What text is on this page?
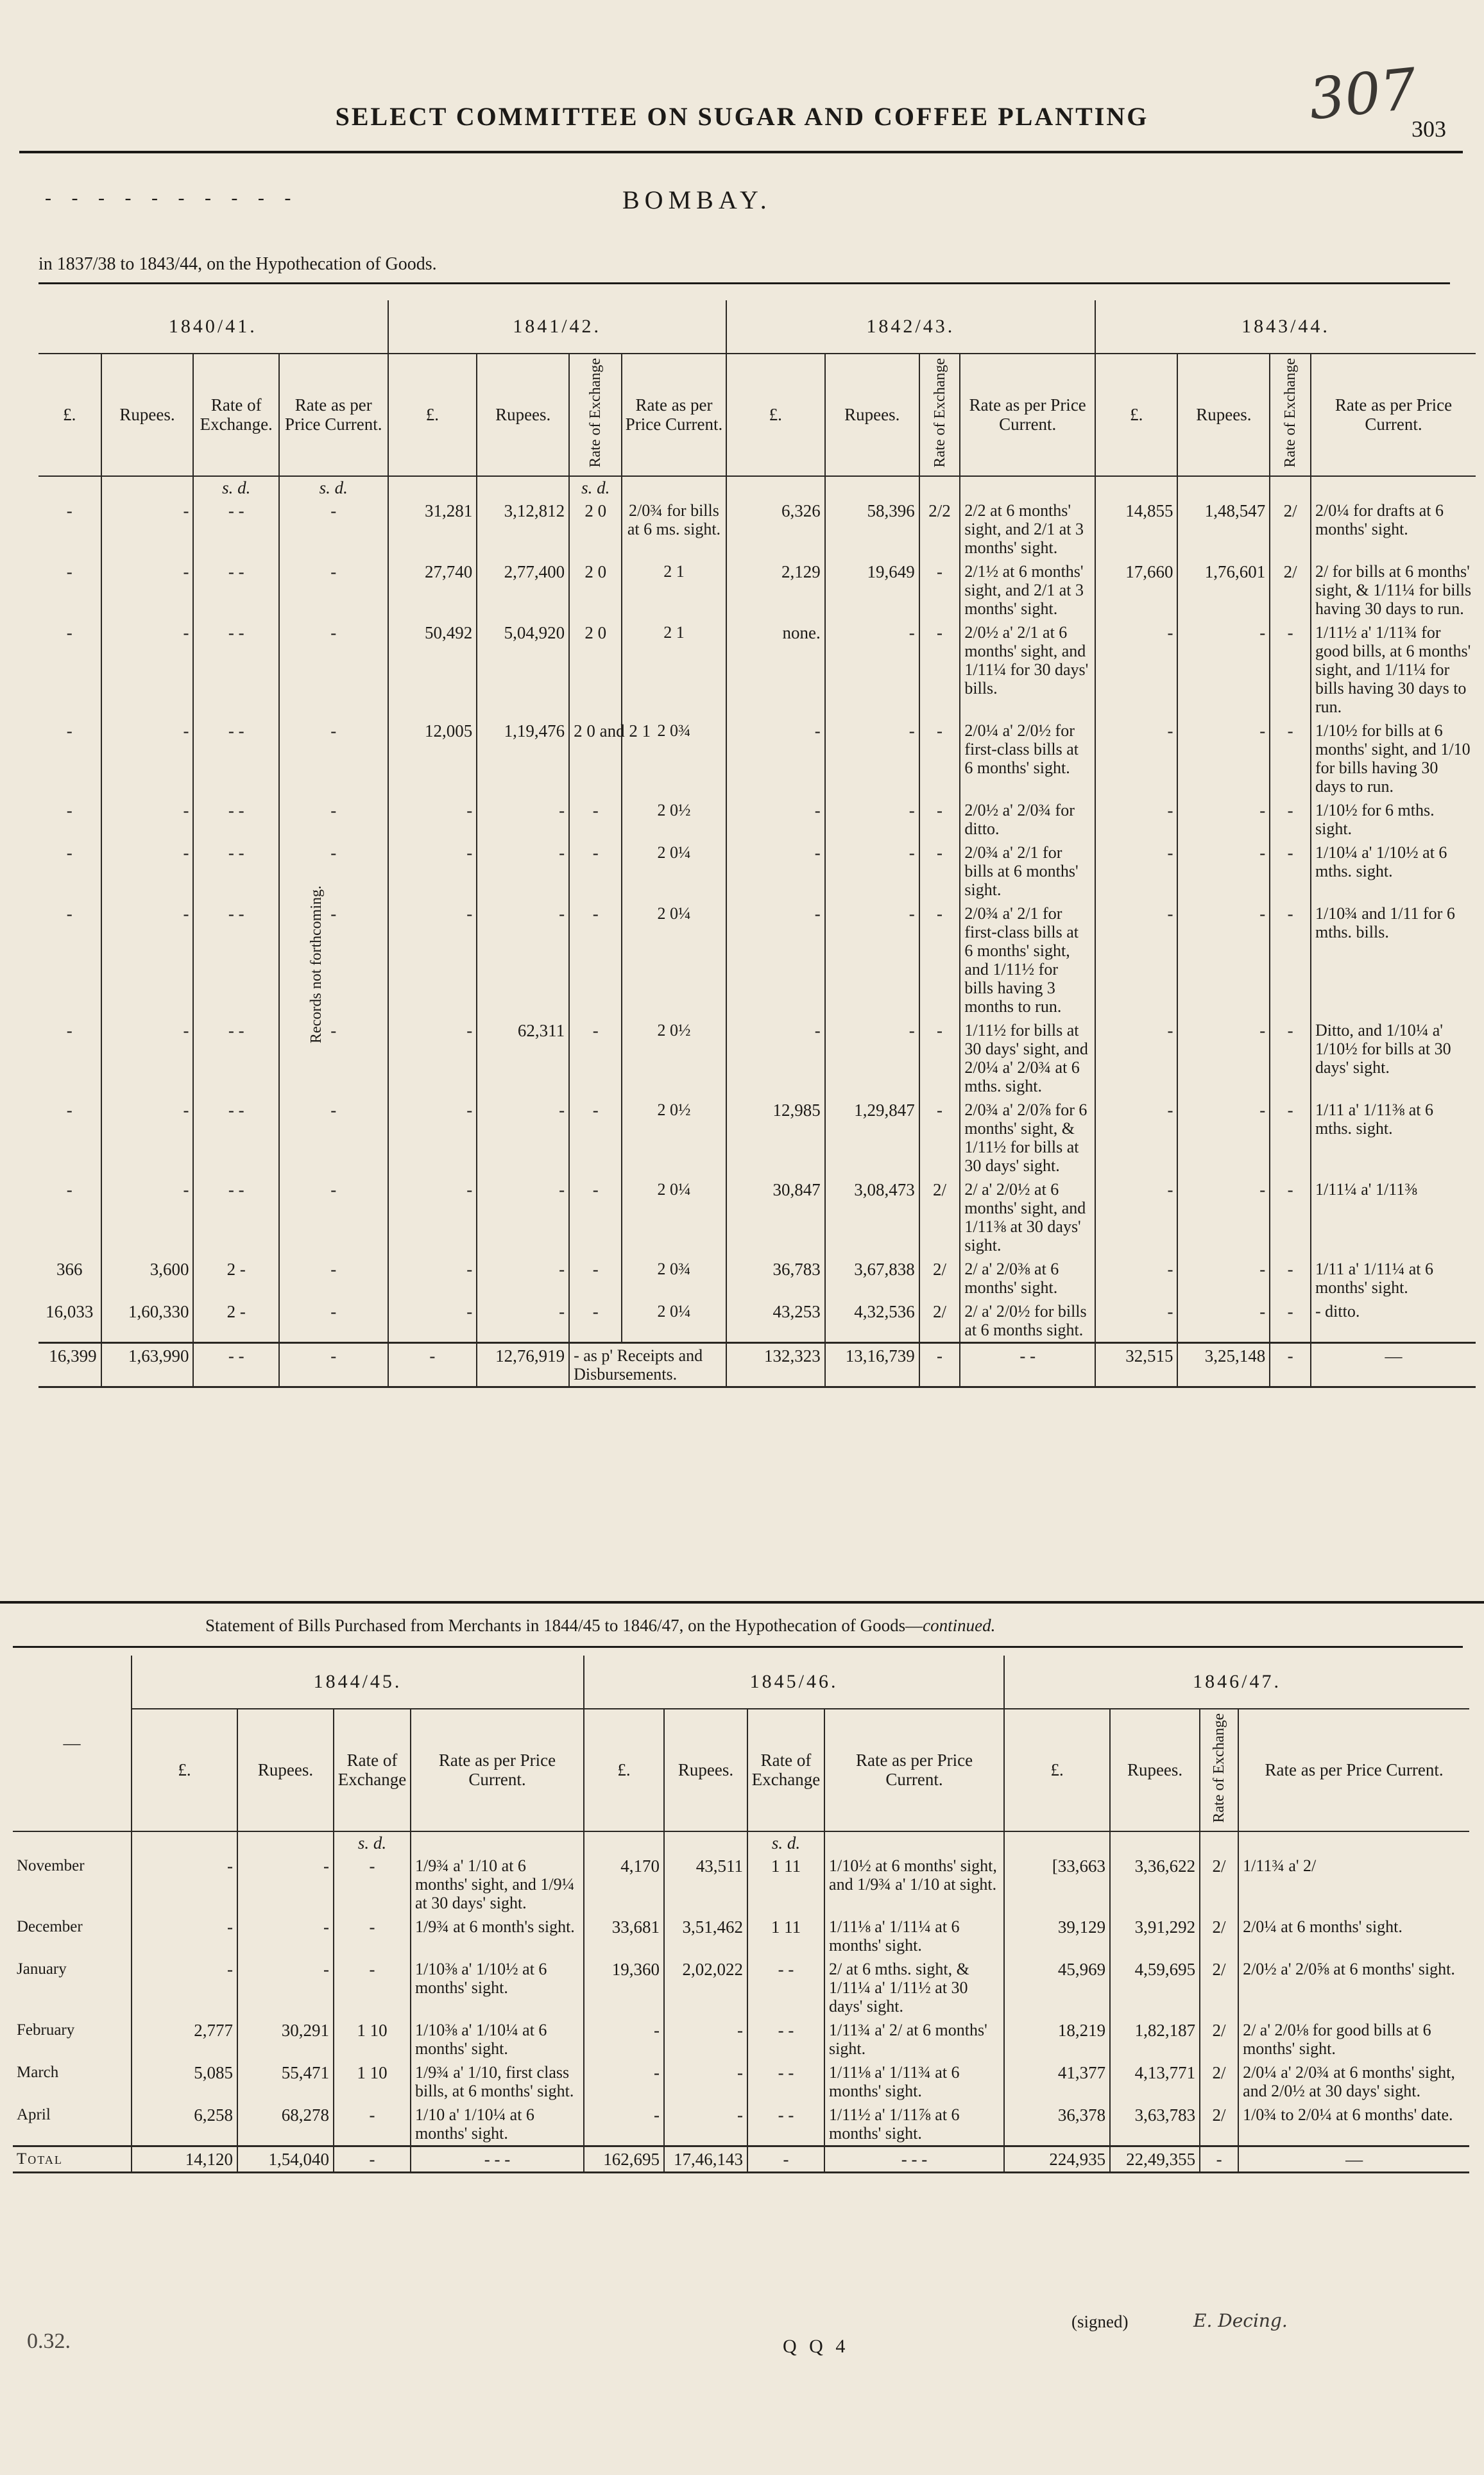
SELECT COMMITTEE ON SUGAR AND COFFEE PLANTING	307
303
- - - - - - - - - -	BOMBAY.
in 1837/38 to 1843/44, on the Hypothecation of Goods.
1840/41.				1841/42.				1842/43.				1843/44.			
£.	Rupees.	Rate of Exchange.	Rate as per Price Current.	£.	Rupees.	Rate of Exchange	Rate as per Price Current.	£.	Rupees.	Rate of Exchange	Rate as per Price Current.	£.	Rupees.	Rate of Exchange	Rate as per Price Current.
		s. d.	s. d.			s. d.									
-	-	- -	-	31,281	3,12,812	2 0	2/0¾ for bills at 6 ms. sight.	6,326	58,396	2/2	2/2 at 6 months' sight, and 2/1 at 3 months' sight.	14,855	1,48,547	2/	2/0¼ for drafts at 6 months' sight.
-	-	- -	-	27,740	2,77,400	2 0	2 1	2,129	19,649	-	2/1½ at 6 months' sight, and 2/1 at 3 months' sight.	17,660	1,76,601	2/	2/ for bills at 6 months' sight, & 1/11¼ for bills having 30 days to run.
-	-	- -	-	50,492	5,04,920	2 0	2 1	none.	-	-	2/0½ a' 2/1 at 6 months' sight, and 1/11¼ for 30 days' bills.	-	-	-	1/11½ a' 1/11¾ for good bills, at 6 months' sight, and 1/11¼ for bills having 30 days to run.
-	-	- -	-	12,005	1,19,476	2 0 and 2 1	2 0¾	-	-	-	2/0¼ a' 2/0½ for first-class bills at 6 months' sight.	-	-	-	1/10½ for bills at 6 months' sight, and 1/10 for bills having 30 days to run.
-	-	- -	-	-	-	-	2 0½	-	-	-	2/0½ a' 2/0¾ for ditto.	-	-	-	1/10½ for 6 mths. sight.
-	-	- -	-	-	-	-	2 0¼	-	-	-	2/0¾ a' 2/1 for bills at 6 months' sight.	-	-	-	1/10¼ a' 1/10½ at 6 mths. sight.
-	-	- -	-	-	-	-	2 0¼	-	-	-	2/0¾ a' 2/1 for first-class bills at 6 months' sight, and 1/11½ for bills having 3 months to run.	-	-	-	1/10¾ and 1/11 for 6 mths. bills.
-	-	- -	-	-	62,311	-	2 0½	-	-	-	1/11½ for bills at 30 days' sight, and 2/0¼ a' 2/0¾ at 6 mths. sight.	-	-	-	Ditto, and 1/10¼ a' 1/10½ for bills at 30 days' sight.
-	-	- -	-	-	-	-	2 0½	12,985	1,29,847	-	2/0¾ a' 2/0⅞ for 6 months' sight, & 1/11½ for bills at 30 days' sight.	-	-	-	1/11 a' 1/11⅜ at 6 mths. sight.
-	-	- -	-	-	-	-	2 0¼	30,847	3,08,473	2/	2/ a' 2/0½ at 6 months' sight, and 1/11⅜ at 30 days' sight.	-	-	-	1/11¼ a' 1/11⅜
366	3,600	2 -	-	-	-	-	2 0¾	36,783	3,67,838	2/	2/ a' 2/0⅜ at 6 months' sight.	-	-	-	1/11 a' 1/11¼ at 6 months' sight.
16,033	1,60,330	2 -	-	-	-	-	2 0¼	43,253	4,32,536	2/	2/ a' 2/0½ for bills at 6 months sight.	-	-	-	- ditto.
16,399	1,63,990	- -	-	-	12,76,919	- as p' Receipts and Disbursements.		132,323	13,16,739	-	- -	32,515	3,25,148	-	—
Records not forthcoming.
Statement of Bills Purchased from Merchants in 1844/45 to 1846/47, on the Hypothecation of Goods—continued.
—	1844/45.				1845/46.				1846/47.			
	£.	Rupees.	Rate of Exchange	Rate as per Price Current.	£.	Rupees.	Rate of Exchange	Rate as per Price Current.	£.	Rupees.	Rate of Exchange	Rate as per Price Current.
			s. d.				s. d.					
November	-	-	-	1/9¾ a' 1/10 at 6 months' sight, and 1/9¼ at 30 days' sight.	4,170	43,511	1 11	1/10½ at 6 months' sight, and 1/9¾ a' 1/10 at sight.	[33,663	3,36,622	2/	1/11¾ a' 2/
December	-	-	-	1/9¾ at 6 month's sight.	33,681	3,51,462	1 11	1/11⅛ a' 1/11¼ at 6 months' sight.	39,129	3,91,292	2/	2/0¼ at 6 months' sight.
January	-	-	-	1/10⅜ a' 1/10½ at 6 months' sight.	19,360	2,02,022	- -	2/ at 6 mths. sight, & 1/11¼ a' 1/11½ at 30 days' sight.	45,969	4,59,695	2/	2/0½ a' 2/0⅝ at 6 months' sight.
February	2,777	30,291	1 10	1/10⅜ a' 1/10¼ at 6 months' sight.	-	-	- -	1/11¾ a' 2/ at 6 months' sight.	18,219	1,82,187	2/	2/ a' 2/0⅛ for good bills at 6 months' sight.
March	5,085	55,471	1 10	1/9¾ a' 1/10, first class bills, at 6 months' sight.	-	-	- -	1/11⅛ a' 1/11¾ at 6 months' sight.	41,377	4,13,771	2/	2/0¼ a' 2/0¾ at 6 months' sight, and 2/0½ at 30 days' sight.
April	6,258	68,278	-	1/10 a' 1/10¼ at 6 months' sight.	-	-	- -	1/11½ a' 1/11⅞ at 6 months' sight.	36,378	3,63,783	2/	1/0¾ to 2/0¼ at 6 months' date.
Total	14,120	1,54,040	-	- - -	162,695	17,46,143	-	- - -	224,935	22,49,355	-	—
(signed)	E. Decing.
Q Q 4
0.32.
